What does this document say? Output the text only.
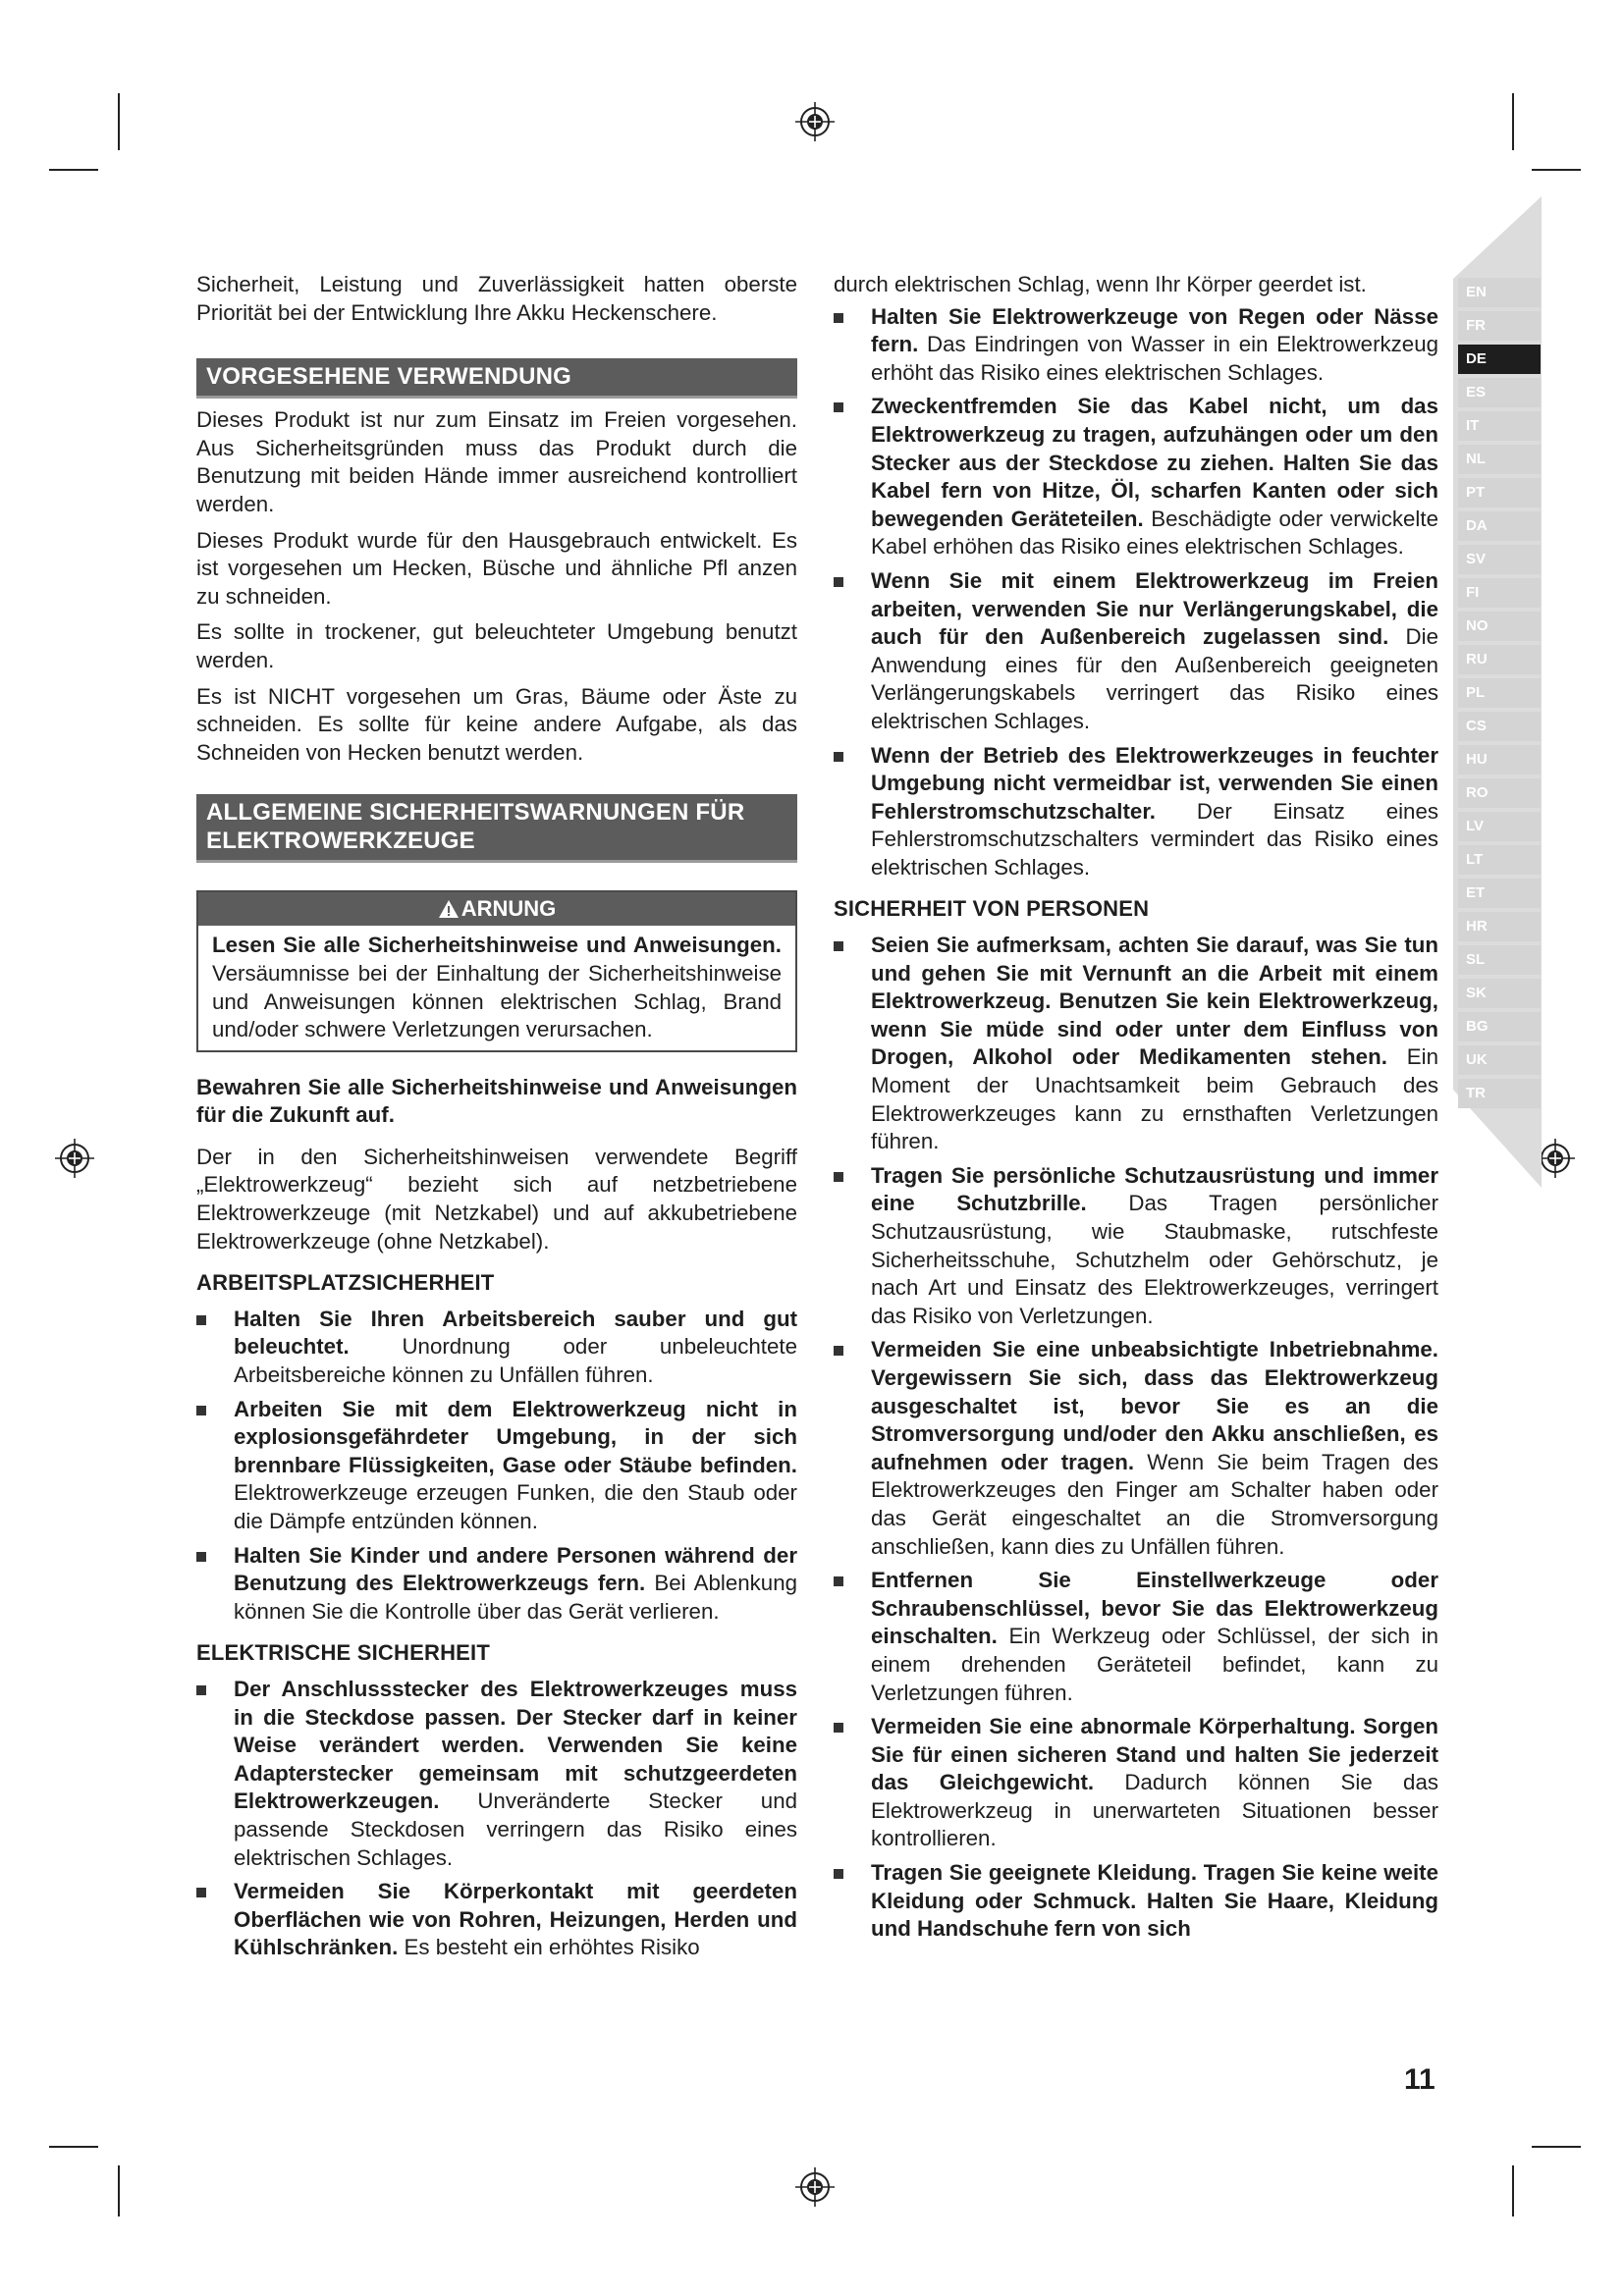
EN
FR
DE
ES
IT
NL
PT
DA
SV
FI
NO
RU
PL
CS
HU
RO
LV
LT
ET
HR
SL
SK
BG
UK
TR

Sicherheit, Leistung und Zuverlässigkeit hatten oberste Priorität bei der Entwicklung Ihre Akku Heckenschere.

VORGESEHENE VERWENDUNG

Dieses Produkt ist nur zum Einsatz im Freien vorgesehen. Aus Sicherheitsgründen muss das Produkt durch die Benutzung mit beiden Hände immer ausreichend kontrolliert werden.

Dieses Produkt wurde für den Hausgebrauch entwickelt. Es ist vorgesehen um Hecken, Büsche und ähnliche Pfl anzen zu schneiden.

Es sollte in trockener, gut beleuchteter Umgebung benutzt werden.

Es ist NICHT vorgesehen um Gras, Bäume oder Äste zu schneiden. Es sollte für keine andere Aufgabe, als das Schneiden von Hecken benutzt werden.

ALLGEMEINE SICHERHEITSWARNUNGEN FÜR ELEKTROWERKZEUGE
ARNUNG
Lesen Sie alle Sicherheitshinweise und Anweisungen. Versäumnisse bei der Einhaltung der Sicherheitshinweise und Anweisungen können elektrischen Schlag, Brand und/oder schwere Verletzungen verursachen.

Bewahren Sie alle Sicherheitshinweise und Anweisungen für die Zukunft auf.

Der in den Sicherheitshinweisen verwendete Begriff „Elektrowerkzeug“ bezieht sich auf netzbetriebene Elektrowerkzeuge (mit Netzkabel) und auf akkubetriebene Elektrowerkzeuge (ohne Netzkabel).

ARBEITSPLATZSICHERHEIT
Halten Sie Ihren Arbeitsbereich sauber und gut beleuchtet. Unordnung oder unbeleuchtete Arbeitsbereiche können zu Unfällen führen.
Arbeiten Sie mit dem Elektrowerkzeug nicht in explosionsgefährdeter Umgebung, in der sich brennbare Flüssigkeiten, Gase oder Stäube befinden. Elektrowerkzeuge erzeugen Funken, die den Staub oder die Dämpfe entzünden können.
Halten Sie Kinder und andere Personen während der Benutzung des Elektrowerkzeugs fern. Bei Ablenkung können Sie die Kontrolle über das Gerät verlieren.
ELEKTRISCHE SICHERHEIT
Der Anschlussstecker des Elektrowerkzeuges muss in die Steckdose passen. Der Stecker darf in keiner Weise verändert werden. Verwenden Sie keine Adapterstecker gemeinsam mit schutzgeerdeten Elektrowerkzeugen. Unveränderte Stecker und passende Steckdosen verringern das Risiko eines elektrischen Schlages.
Vermeiden Sie Körperkontakt mit geerdeten Oberflächen wie von Rohren, Heizungen, Herden und Kühlschränken. Es besteht ein erhöhtes Risiko

durch elektrischen Schlag, wenn Ihr Körper geerdet ist.

Halten Sie Elektrowerkzeuge von Regen oder Nässe fern. Das Eindringen von Wasser in ein Elektrowerkzeug erhöht das Risiko eines elektrischen Schlages.
Zweckentfremden Sie das Kabel nicht, um das Elektrowerkzeug zu tragen, aufzuhängen oder um den Stecker aus der Steckdose zu ziehen. Halten Sie das Kabel fern von Hitze, Öl, scharfen Kanten oder sich bewegenden Geräteteilen. Beschädigte oder verwickelte Kabel erhöhen das Risiko eines elektrischen Schlages.
Wenn Sie mit einem Elektrowerkzeug im Freien arbeiten, verwenden Sie nur Verlängerungskabel, die auch für den Außenbereich zugelassen sind. Die Anwendung eines für den Außenbereich geeigneten Verlängerungskabels verringert das Risiko eines elektrischen Schlages.
Wenn der Betrieb des Elektrowerkzeuges in feuchter Umgebung nicht vermeidbar ist, verwenden Sie einen Fehlerstromschutzschalter. Der Einsatz eines Fehlerstromschutzschalters vermindert das Risiko eines elektrischen Schlages.
SICHERHEIT VON PERSONEN
Seien Sie aufmerksam, achten Sie darauf, was Sie tun und gehen Sie mit Vernunft an die Arbeit mit einem Elektrowerkzeug. Benutzen Sie kein Elektrowerkzeug, wenn Sie müde sind oder unter dem Einfluss von Drogen, Alkohol oder Medikamenten stehen. Ein Moment der Unachtsamkeit beim Gebrauch des Elektrowerkzeuges kann zu ernsthaften Verletzungen führen.
Tragen Sie persönliche Schutzausrüstung und immer eine Schutzbrille. Das Tragen persönlicher Schutzausrüstung, wie Staubmaske, rutschfeste Sicherheitsschuhe, Schutzhelm oder Gehörschutz, je nach Art und Einsatz des Elektrowerkzeuges, verringert das Risiko von Verletzungen.
Vermeiden Sie eine unbeabsichtigte Inbetriebnahme. Vergewissern Sie sich, dass das Elektrowerkzeug ausgeschaltet ist, bevor Sie es an die Stromversorgung und/oder den Akku anschließen, es aufnehmen oder tragen. Wenn Sie beim Tragen des Elektrowerkzeuges den Finger am Schalter haben oder das Gerät eingeschaltet an die Stromversorgung anschließen, kann dies zu Unfällen führen.
Entfernen Sie Einstellwerkzeuge oder Schraubenschlüssel, bevor Sie das Elektrowerkzeug einschalten. Ein Werkzeug oder Schlüssel, der sich in einem drehenden Geräteteil befindet, kann zu Verletzungen führen.
Vermeiden Sie eine abnormale Körperhaltung. Sorgen Sie für einen sicheren Stand und halten Sie jederzeit das Gleichgewicht. Dadurch können Sie das Elektrowerkzeug in unerwarteten Situationen besser kontrollieren.
Tragen Sie geeignete Kleidung. Tragen Sie keine weite Kleidung oder Schmuck. Halten Sie Haare, Kleidung und Handschuhe fern von sich
11
